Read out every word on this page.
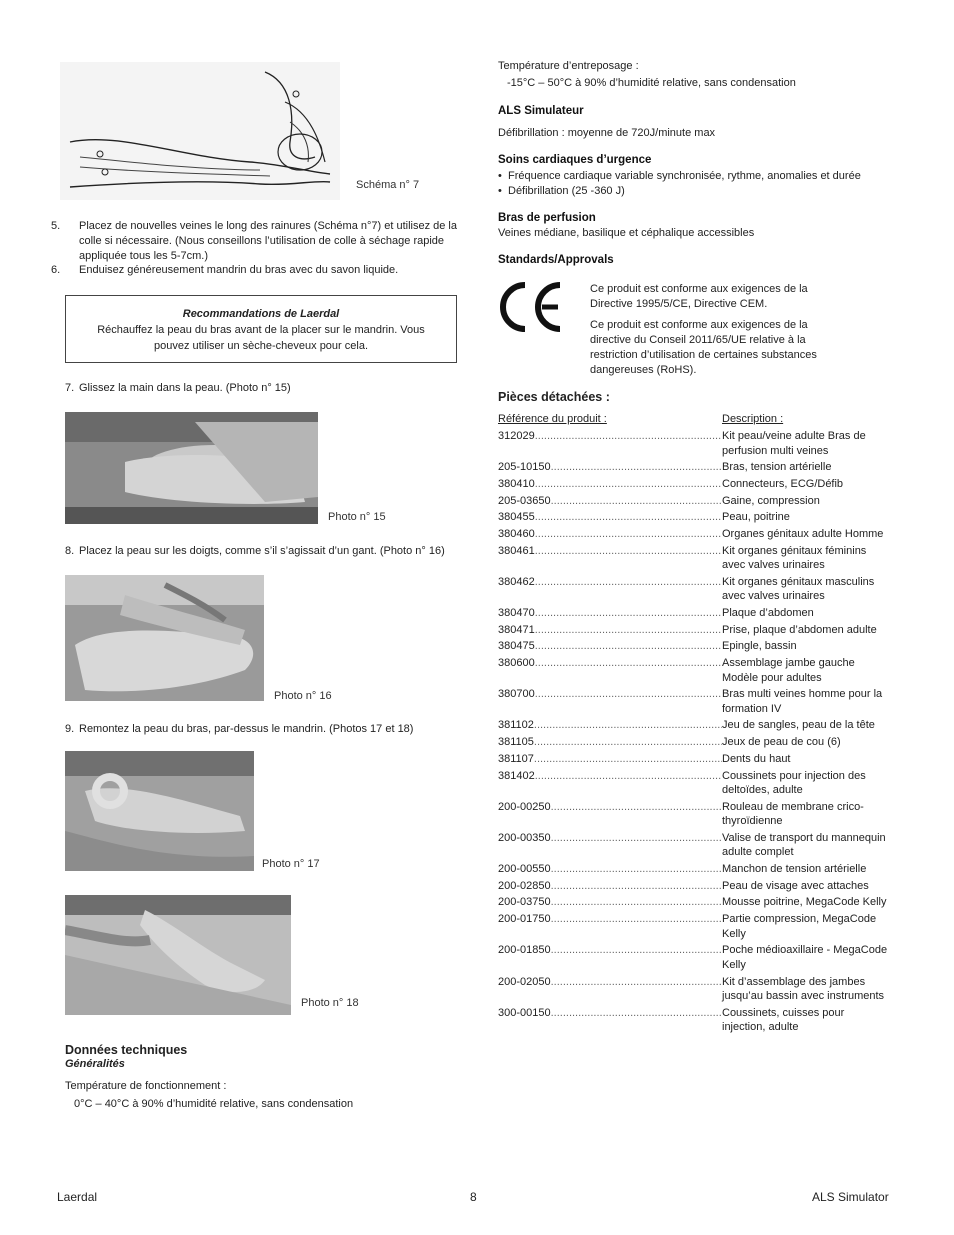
Schéma n° 7
5. Placez de nouvelles veines le long des rainures (Schéma n°7) et utilisez de la colle si nécessaire. (Nous conseillons l’utilisation de colle à séchage rapide appliquée tous les 5-7cm.)
6. Enduisez généreusement mandrin du bras avec du savon liquide.
Recommandations de Laerdal
Réchauffez la peau du bras avant de la placer sur le mandrin. Vous pouvez utiliser un sèche-cheveux pour cela.
7. Glissez la main dans la peau. (Photo n° 15)
Photo n° 15
8. Placez la peau sur les doigts, comme s’il s’agissait d’un gant. (Photo n° 16)
Photo n° 16
9. Remontez la peau du bras, par-dessus le mandrin. (Photos 17 et 18)
Photo n° 17
Photo n° 18
Données techniques
Généralités
Température de fonctionnement :
0°C – 40°C à 90% d’humidité relative, sans condensation
Température d’entreposage :
-15°C – 50°C à 90% d’humidité relative, sans condensation
ALS Simulateur
Défibrillation : moyenne de 720J/minute max
Soins cardiaques d’urgence
• Fréquence cardiaque variable synchronisée, rythme, anomalies et durée
• Défibrillation (25 -360 J)
Bras de perfusion
Veines médiane, basilique et céphalique accessibles
Standards/Approvals
Ce produit est conforme aux exigences de la Directive 1995/5/CE, Directive CEM.
Ce produit est conforme aux exigences de la directive du Conseil 2011/65/UE relative à la restriction d’utilisation de certaines substances dangereuses (RoHS).
Pièces détachées :
Référence du produit :	Description :
312029 .....	Kit peau/veine adulte Bras de perfusion multi veines
205-10150 .....	Bras, tension artérielle
380410 .....	Connecteurs, ECG/Défib
205-03650 .....	Gaine, compression
380455 .....	Peau, poitrine
380460 .....	Organes génitaux adulte Homme
380461 .....	Kit organes génitaux féminins avec valves urinaires
380462 .....	Kit organes génitaux masculins avec valves urinaires
380470 .....	Plaque d’abdomen
380471 .....	Prise, plaque d’abdomen adulte
380475 .....	Epingle, bassin
380600 .....	Assemblage jambe gauche Modèle pour adultes
380700 .....	Bras multi veines homme pour la formation IV
381102 .....	Jeu de sangles, peau de la tête
381105 .....	Jeux de peau de cou (6)
381107 .....	Dents du haut
381402 .....	Coussinets pour injection des deltoïdes, adulte
200-00250 .....	Rouleau de membrane crico- thyroïdienne
200-00350 .....	Valise de transport du mannequin adulte complet
200-00550 .....	Manchon de tension artérielle
200-02850 .....	Peau de visage avec attaches
200-03750 .....	Mousse poitrine, MegaCode Kelly
200-01750 .....	Partie compression, MegaCode Kelly
200-01850 .....	Poche médioaxillaire - MegaCode Kelly
200-02050 .....	Kit d’assemblage des jambes jusqu’au bassin avec instruments
300-00150 .....	Coussinets, cuisses pour injection, adulte
Laerdal	8	ALS Simulator
